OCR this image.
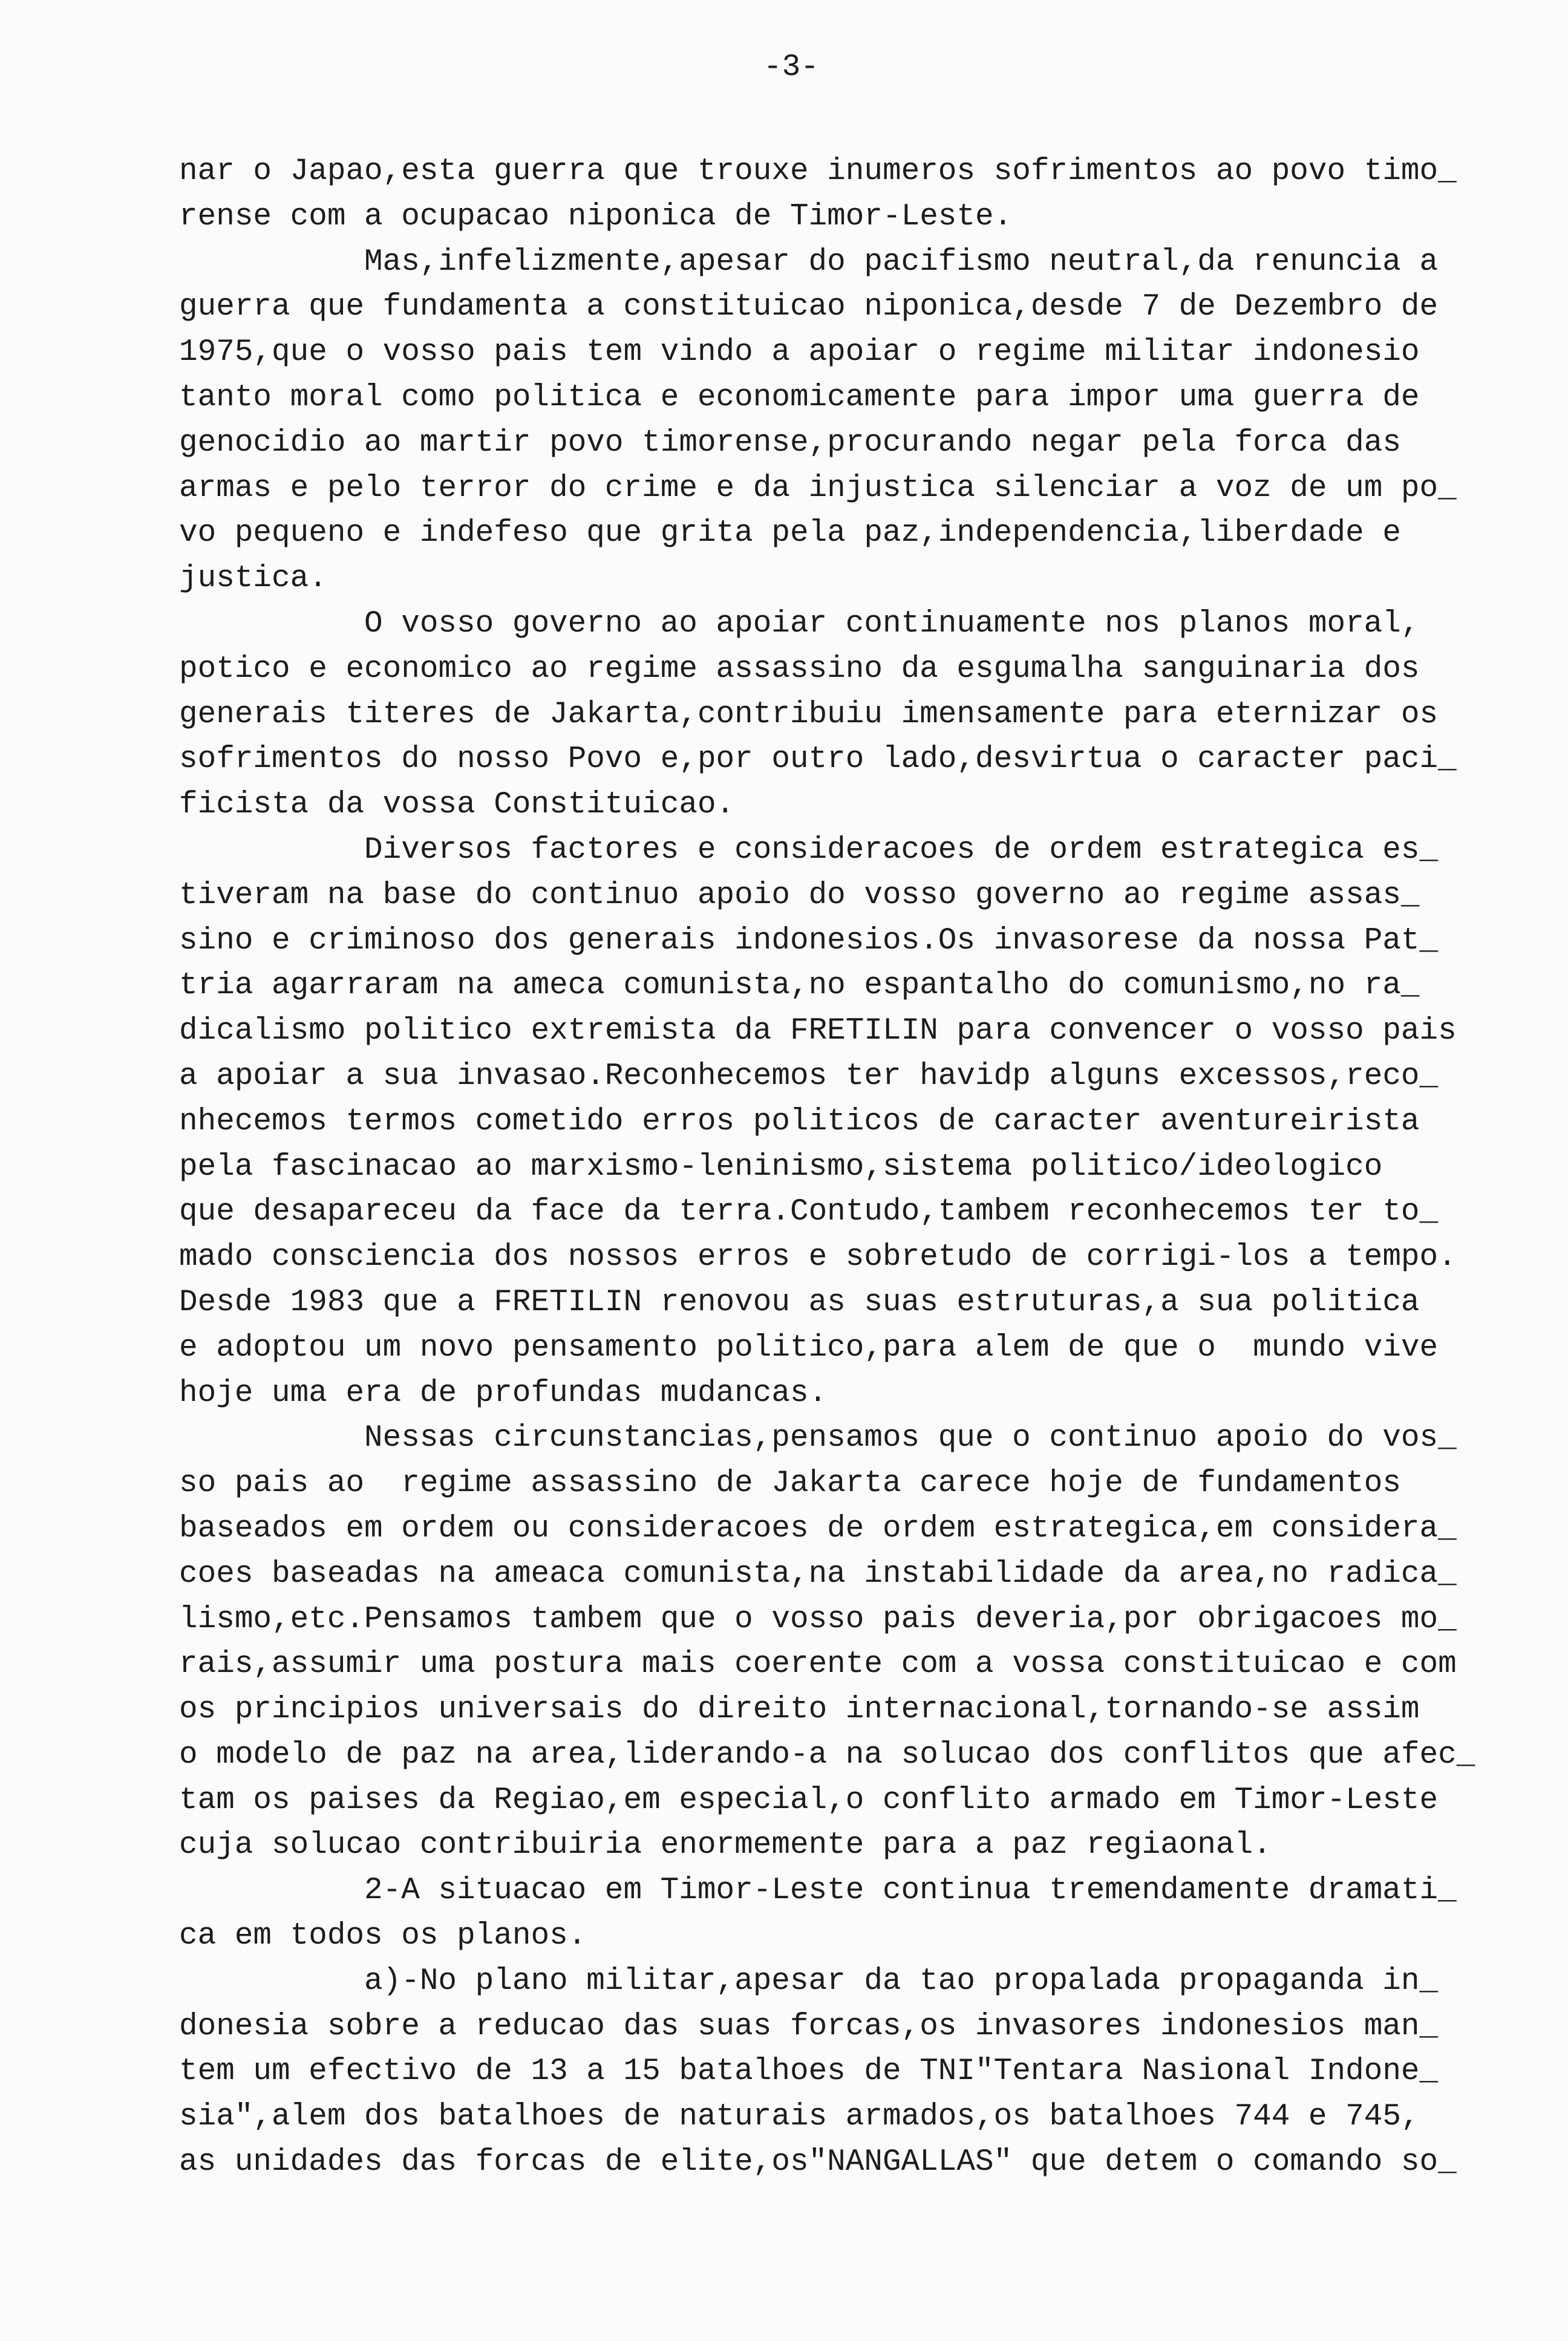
-3-
nar o Japao,esta guerra que trouxe inumeros sofrimentos ao povo timo_
rense com a ocupacao niponica de Timor-Leste.
Mas,infelizmente,apesar do pacifismo neutral,da renuncia a
guerra que fundamenta a constituicao niponica,desde 7 de Dezembro de
1975,que o vosso pais tem vindo a apoiar o regime militar indonesio
tanto moral como politica e economicamente para impor uma guerra de
genocidio ao martir povo timorense,procurando negar pela forca das
armas e pelo terror do crime e da injustica silenciar a voz de um po_
vo pequeno e indefeso que grita pela paz,independencia,liberdade e
justica.
O vosso governo ao apoiar continuamente nos planos moral,
potico e economico ao regime assassino da esgumalha sanguinaria dos
generais titeres de Jakarta,contribuiu imensamente para eternizar os
sofrimentos do nosso Povo e,por outro lado,desvirtua o caracter paci_
ficista da vossa Constituicao.
Diversos factores e consideracoes de ordem estrategica es_
tiveram na base do continuo apoio do vosso governo ao regime assas_
sino e criminoso dos generais indonesios.Os invasorese da nossa Pat_
tria agarraram na ameca comunista,no espantalho do comunismo,no ra_
dicalismo politico extremista da FRETILIN para convencer o vosso pais
a apoiar a sua invasao.Reconhecemos ter havidp alguns excessos,reco_
nhecemos termos cometido erros politicos de caracter aventureirista
pela fascinacao ao marxismo-leninismo,sistema politico/ideologico
que desapareceu da face da terra.Contudo,tambem reconhecemos ter to_
mado consciencia dos nossos erros e sobretudo de corrigi-los a tempo.
Desde 1983 que a FRETILIN renovou as suas estruturas,a sua politica
e adoptou um novo pensamento politico,para alem de que o  mundo vive
hoje uma era de profundas mudancas.
Nessas circunstancias,pensamos que o continuo apoio do vos_
so pais ao  regime assassino de Jakarta carece hoje de fundamentos
baseados em ordem ou consideracoes de ordem estrategica,em considera_
coes baseadas na ameaca comunista,na instabilidade da area,no radica_
lismo,etc.Pensamos tambem que o vosso pais deveria,por obrigacoes mo_
rais,assumir uma postura mais coerente com a vossa constituicao e com
os principios universais do direito internacional,tornando-se assim
o modelo de paz na area,liderando-a na solucao dos conflitos que afec_
tam os paises da Regiao,em especial,o conflito armado em Timor-Leste
cuja solucao contribuiria enormemente para a paz regiaonal.
2-A situacao em Timor-Leste continua tremendamente dramati_
ca em todos os planos.
a)-No plano militar,apesar da tao propalada propaganda in_
donesia sobre a reducao das suas forcas,os invasores indonesios man_
tem um efectivo de 13 a 15 batalhoes de TNI"Tentara Nasional Indone_
sia",alem dos batalhoes de naturais armados,os batalhoes 744 e 745,
as unidades das forcas de elite,os"NANGALLAS" que detem o comando so_
